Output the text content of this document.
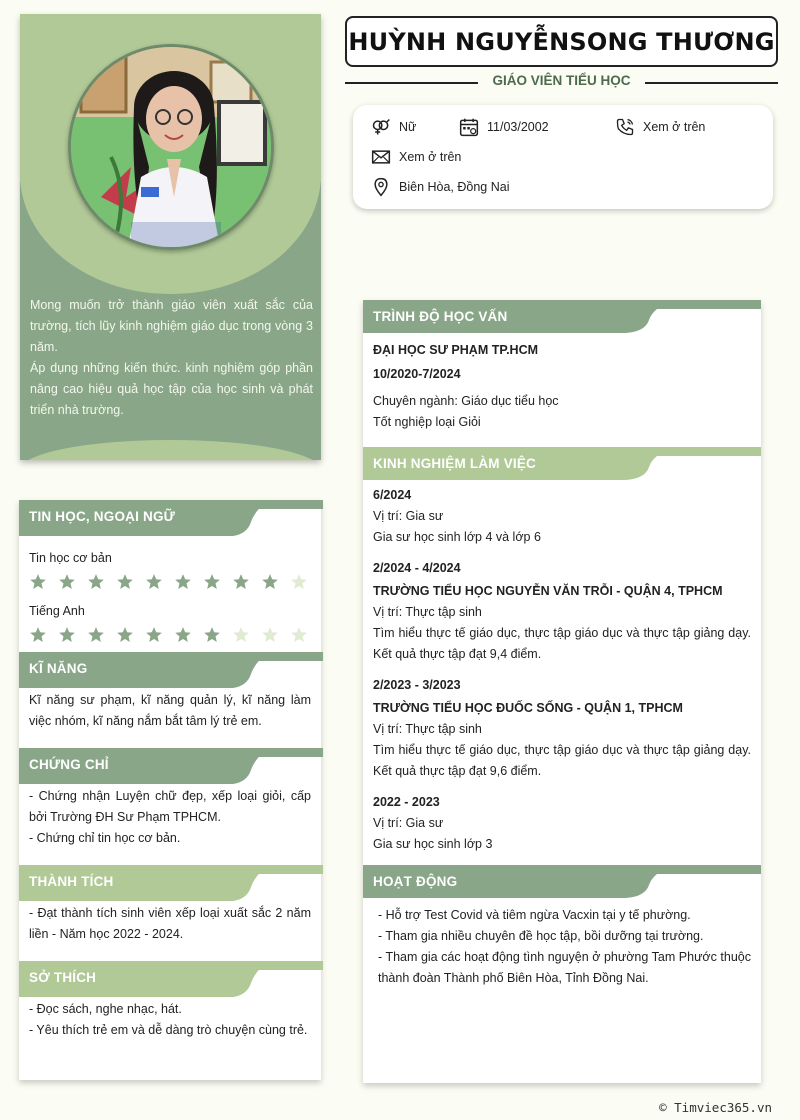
Mong muốn trở thành giáo viên xuất sắc của trường, tích lũy kinh nghiệm giáo dục trong vòng 3 năm.
Áp dụng những kiến thức. kinh nghiệm góp phần nâng cao hiệu quả học tập của học sinh và phát triển nhà trường.
TIN HỌC, NGOẠI NGỮ
Tin học cơ bản
Tiếng Anh
KĨ NĂNG
Kĩ năng sư phạm, kĩ năng quản lý, kĩ năng làm việc nhóm, kĩ năng nắm bắt tâm lý trẻ em.
CHỨNG CHỈ
- Chứng nhận Luyện chữ đẹp, xếp loại giỏi, cấp bởi Trường ĐH Sư Phạm TPHCM.
- Chứng chỉ tin học cơ bản.
THÀNH TÍCH
- Đạt thành tích sinh viên xếp loại xuất sắc 2 năm liền - Năm học 2022 - 2024.
SỞ THÍCH
- Đọc sách, nghe nhạc, hát.
- Yêu thích trẻ em và dễ dàng trò chuyện cùng trẻ.
HUỲNH NGUYỄNSONG THƯƠNG
GIÁO VIÊN TIỂU HỌC
Nữ	11/03/2002	Xem ở trên
Xem ở trên
Biên Hòa, Đồng Nai
TRÌNH ĐỘ HỌC VẤN
ĐẠI HỌC SƯ PHẠM TP.HCM
10/2020-7/2024
Chuyên ngành: Giáo dục tiểu học
Tốt nghiệp loại Giỏi
KINH NGHIỆM LÀM VIỆC
6/2024
Vị trí: Gia sư
Gia sư học sinh lớp 4 và lớp 6
2/2024 - 4/2024
TRƯỜNG TIỂU HỌC NGUYỄN VĂN TRỖI - QUẬN 4, TPHCM
Vị trí: Thực tập sinh
Tìm hiểu thực tế giáo dục, thực tập giáo dục và thực tập giảng dạy. Kết quả thực tập đạt 9,4 điểm.
2/2023 - 3/2023
TRƯỜNG TIỂU HỌC ĐUỐC SỐNG - QUẬN 1, TPHCM
Vị trí: Thực tập sinh
Tìm hiểu thực tế giáo dục, thực tập giáo dục và thực tập giảng dạy. Kết quả thực tập đạt 9,6 điểm.
2022 - 2023
Vị trí: Gia sư
Gia sư học sinh lớp 3
HOẠT ĐỘNG
- Hỗ trợ Test Covid và tiêm ngừa Vacxin tại y tế phường.
- Tham gia nhiều chuyên đề học tập, bồi dưỡng tại trường.
- Tham gia các hoạt động tình nguyện ở phường Tam Phước thuộc thành đoàn Thành phố Biên Hòa, Tỉnh Đồng Nai.
© Timviec365.vn
